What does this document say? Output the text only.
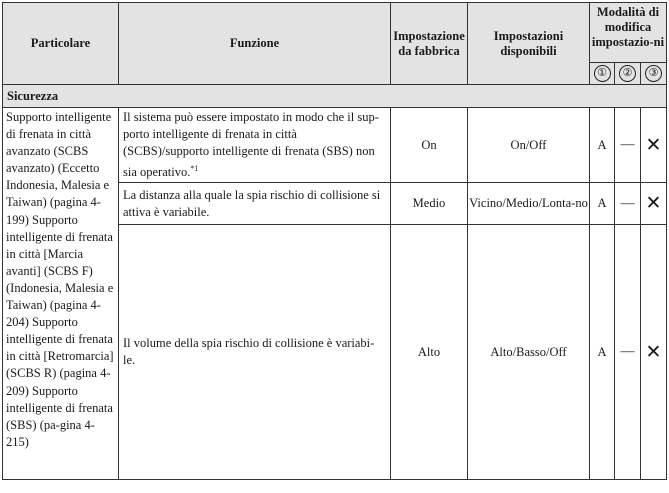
Particolare	Funzione	Impostazione da fabbrica	Impostazioni disponibili	Modalità di modifica impostazio-ni		
				①	②	③
Sicurezza						
Supporto intelligente di frenata in città avanzato (SCBS avanzato) (Eccetto Indonesia, Malesia e Taiwan) (pagina 4-199) Supporto intelligente di frenata in città [Marcia avanti] (SCBS F) (Indonesia, Malesia e Taiwan) (pagina 4-204) Supporto intelligente di frenata in città [Retromarcia] (SCBS R) (pagina 4-209) Supporto intelligente di frenata (SBS) (pa-gina 4-215)	Il sistema può essere impostato in modo che il sup-porto intelligente di frenata in città (SCBS)/supporto intelligente di frenata (SBS) non sia operativo.$^{*1}$	On	On/Off	A	—	✕
	La distanza alla quale la spia rischio di collisione si attiva è variabile.	Medio	Vicino/Medio/Lonta-no	A	—	✕
	Il volume della spia rischio di collisione è variabi-le.	Alto	Alto/Basso/Off	A	—	✕
